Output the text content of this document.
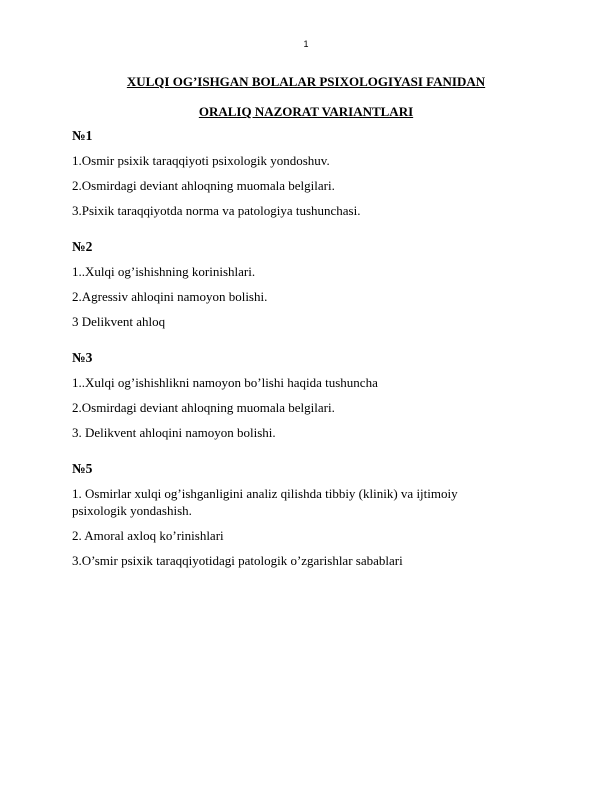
1
XULQI OG’ISHGAN BOLALAR PSIXOLOGIYASI FANIDAN
ORALIQ NAZORAT VARIANTLARI
№1
1.Osmir psixik taraqqiyoti psixologik yondoshuv.
2.Osmirdagi deviant ahloqning muomala belgilari.
3.Psixik taraqqiyotda norma va patologiya tushunchasi.
№2
1..Xulqi og’ishishning korinishlari.
2.Agressiv ahloqini namoyon bolishi.
3 Delikvent ahloq
№3
1..Xulqi og’ishishlikni namoyon bo’lishi haqida tushuncha
2.Osmirdagi deviant ahloqning muomala belgilari.
3. Delikvent ahloqini namoyon bolishi.
№5
1. Osmirlar xulqi og’ishganligini analiz qilishda tibbiy (klinik) va ijtimoiy psixologik yondashish.
2. Amoral axloq ko’rinishlari
3.O’smir psixik taraqqiyotidagi patologik o’zgarishlar sabablari
